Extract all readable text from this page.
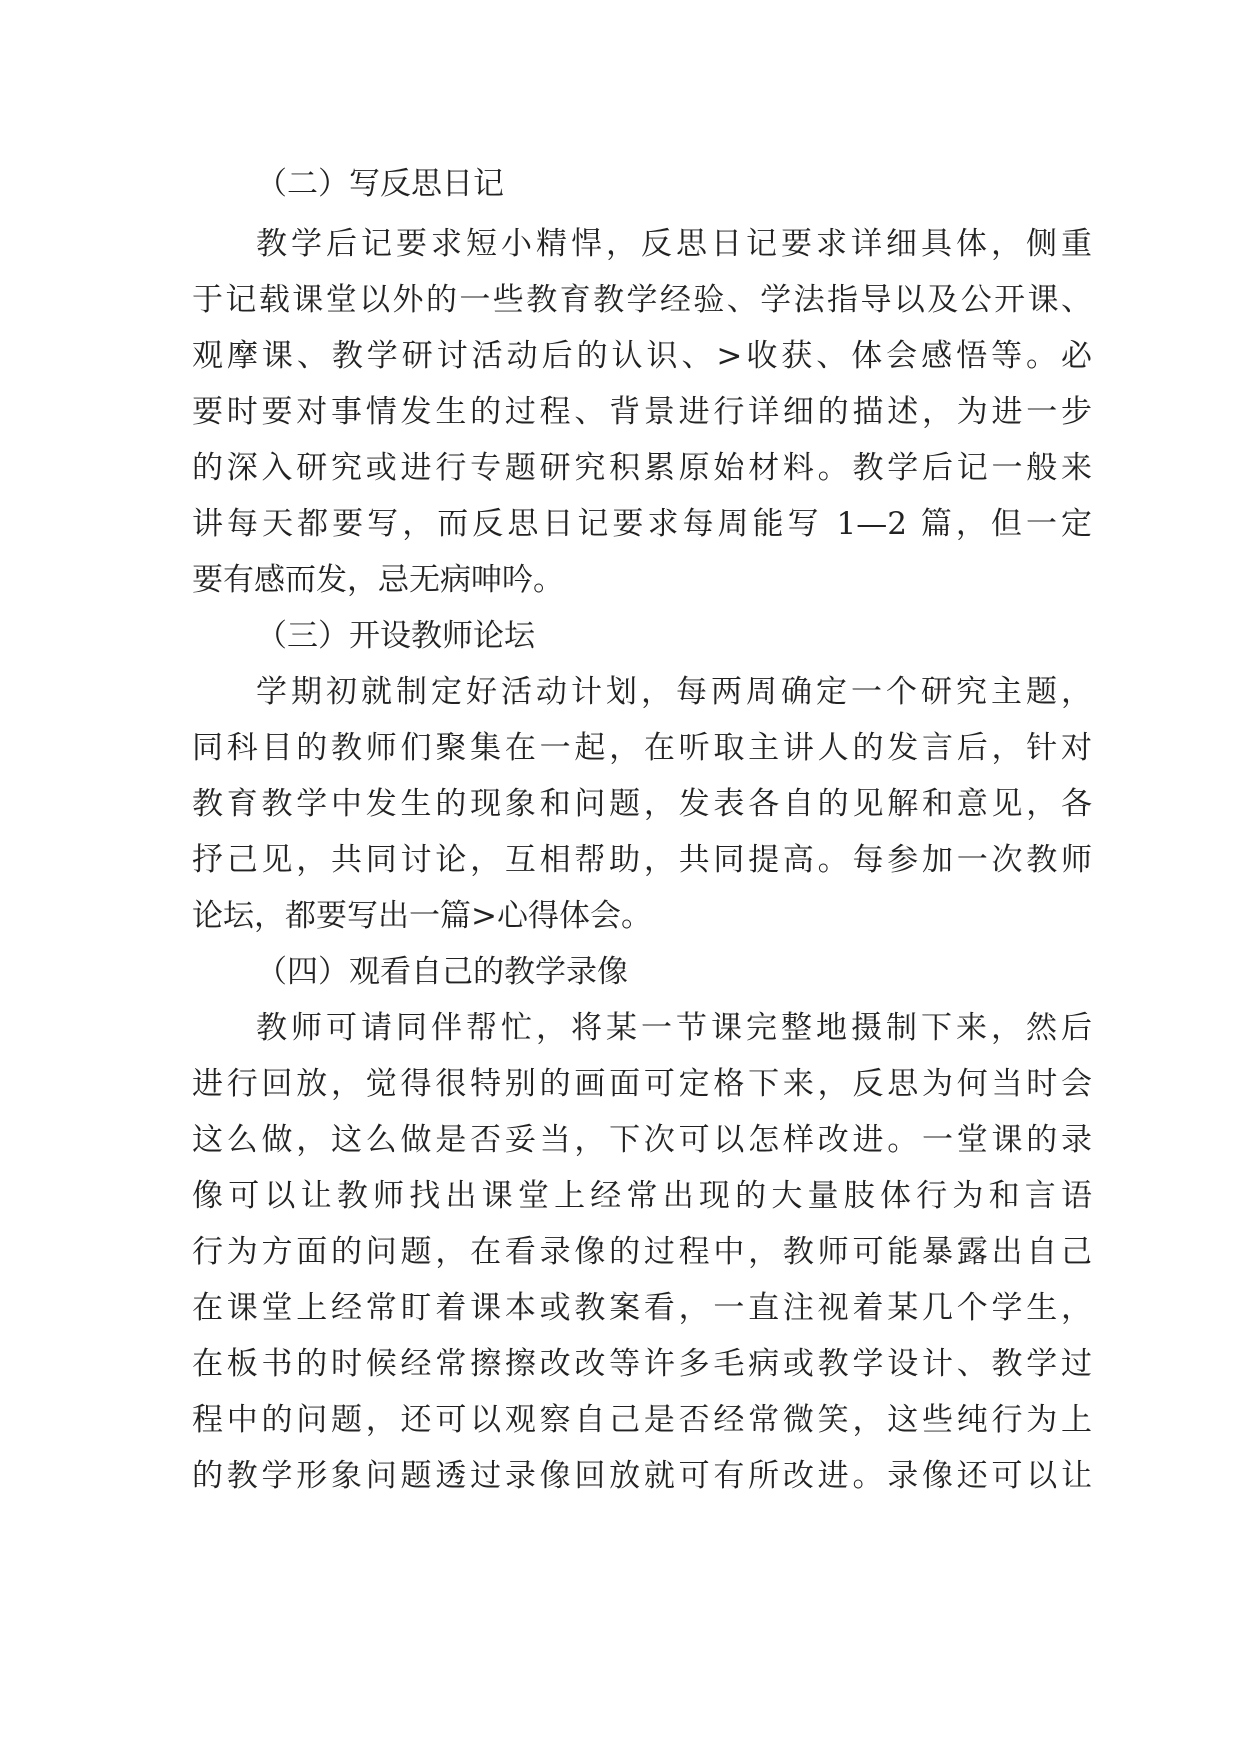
（二）写反思日记
教学后记要求短小精悍，反思日记要求详细具体，侧重
于记载课堂以外的一些教育教学经验、学法指导以及公开课、
观摩课、教学研讨活动后的认识、>收获、体会感悟等。必
要时要对事情发生的过程、背景进行详细的描述，为进一步
的深入研究或进行专题研究积累原始材料。教学后记一般来
讲每天都要写，而反思日记要求每周能写 1—2 篇，但一定
要有感而发，忌无病呻吟。
（三）开设教师论坛
学期初就制定好活动计划，每两周确定一个研究主题，
同科目的教师们聚集在一起，在听取主讲人的发言后，针对
教育教学中发生的现象和问题，发表各自的见解和意见，各
抒己见，共同讨论，互相帮助，共同提高。每参加一次教师
论坛，都要写出一篇>心得体会。
（四）观看自己的教学录像
教师可请同伴帮忙，将某一节课完整地摄制下来，然后
进行回放，觉得很特别的画面可定格下来，反思为何当时会
这么做，这么做是否妥当，下次可以怎样改进。一堂课的录
像可以让教师找出课堂上经常出现的大量肢体行为和言语
行为方面的问题，在看录像的过程中，教师可能暴露出自己
在课堂上经常盯着课本或教案看，一直注视着某几个学生，
在板书的时候经常擦擦改改等许多毛病或教学设计、教学过
程中的问题，还可以观察自己是否经常微笑，这些纯行为上
的教学形象问题透过录像回放就可有所改进。录像还可以让
